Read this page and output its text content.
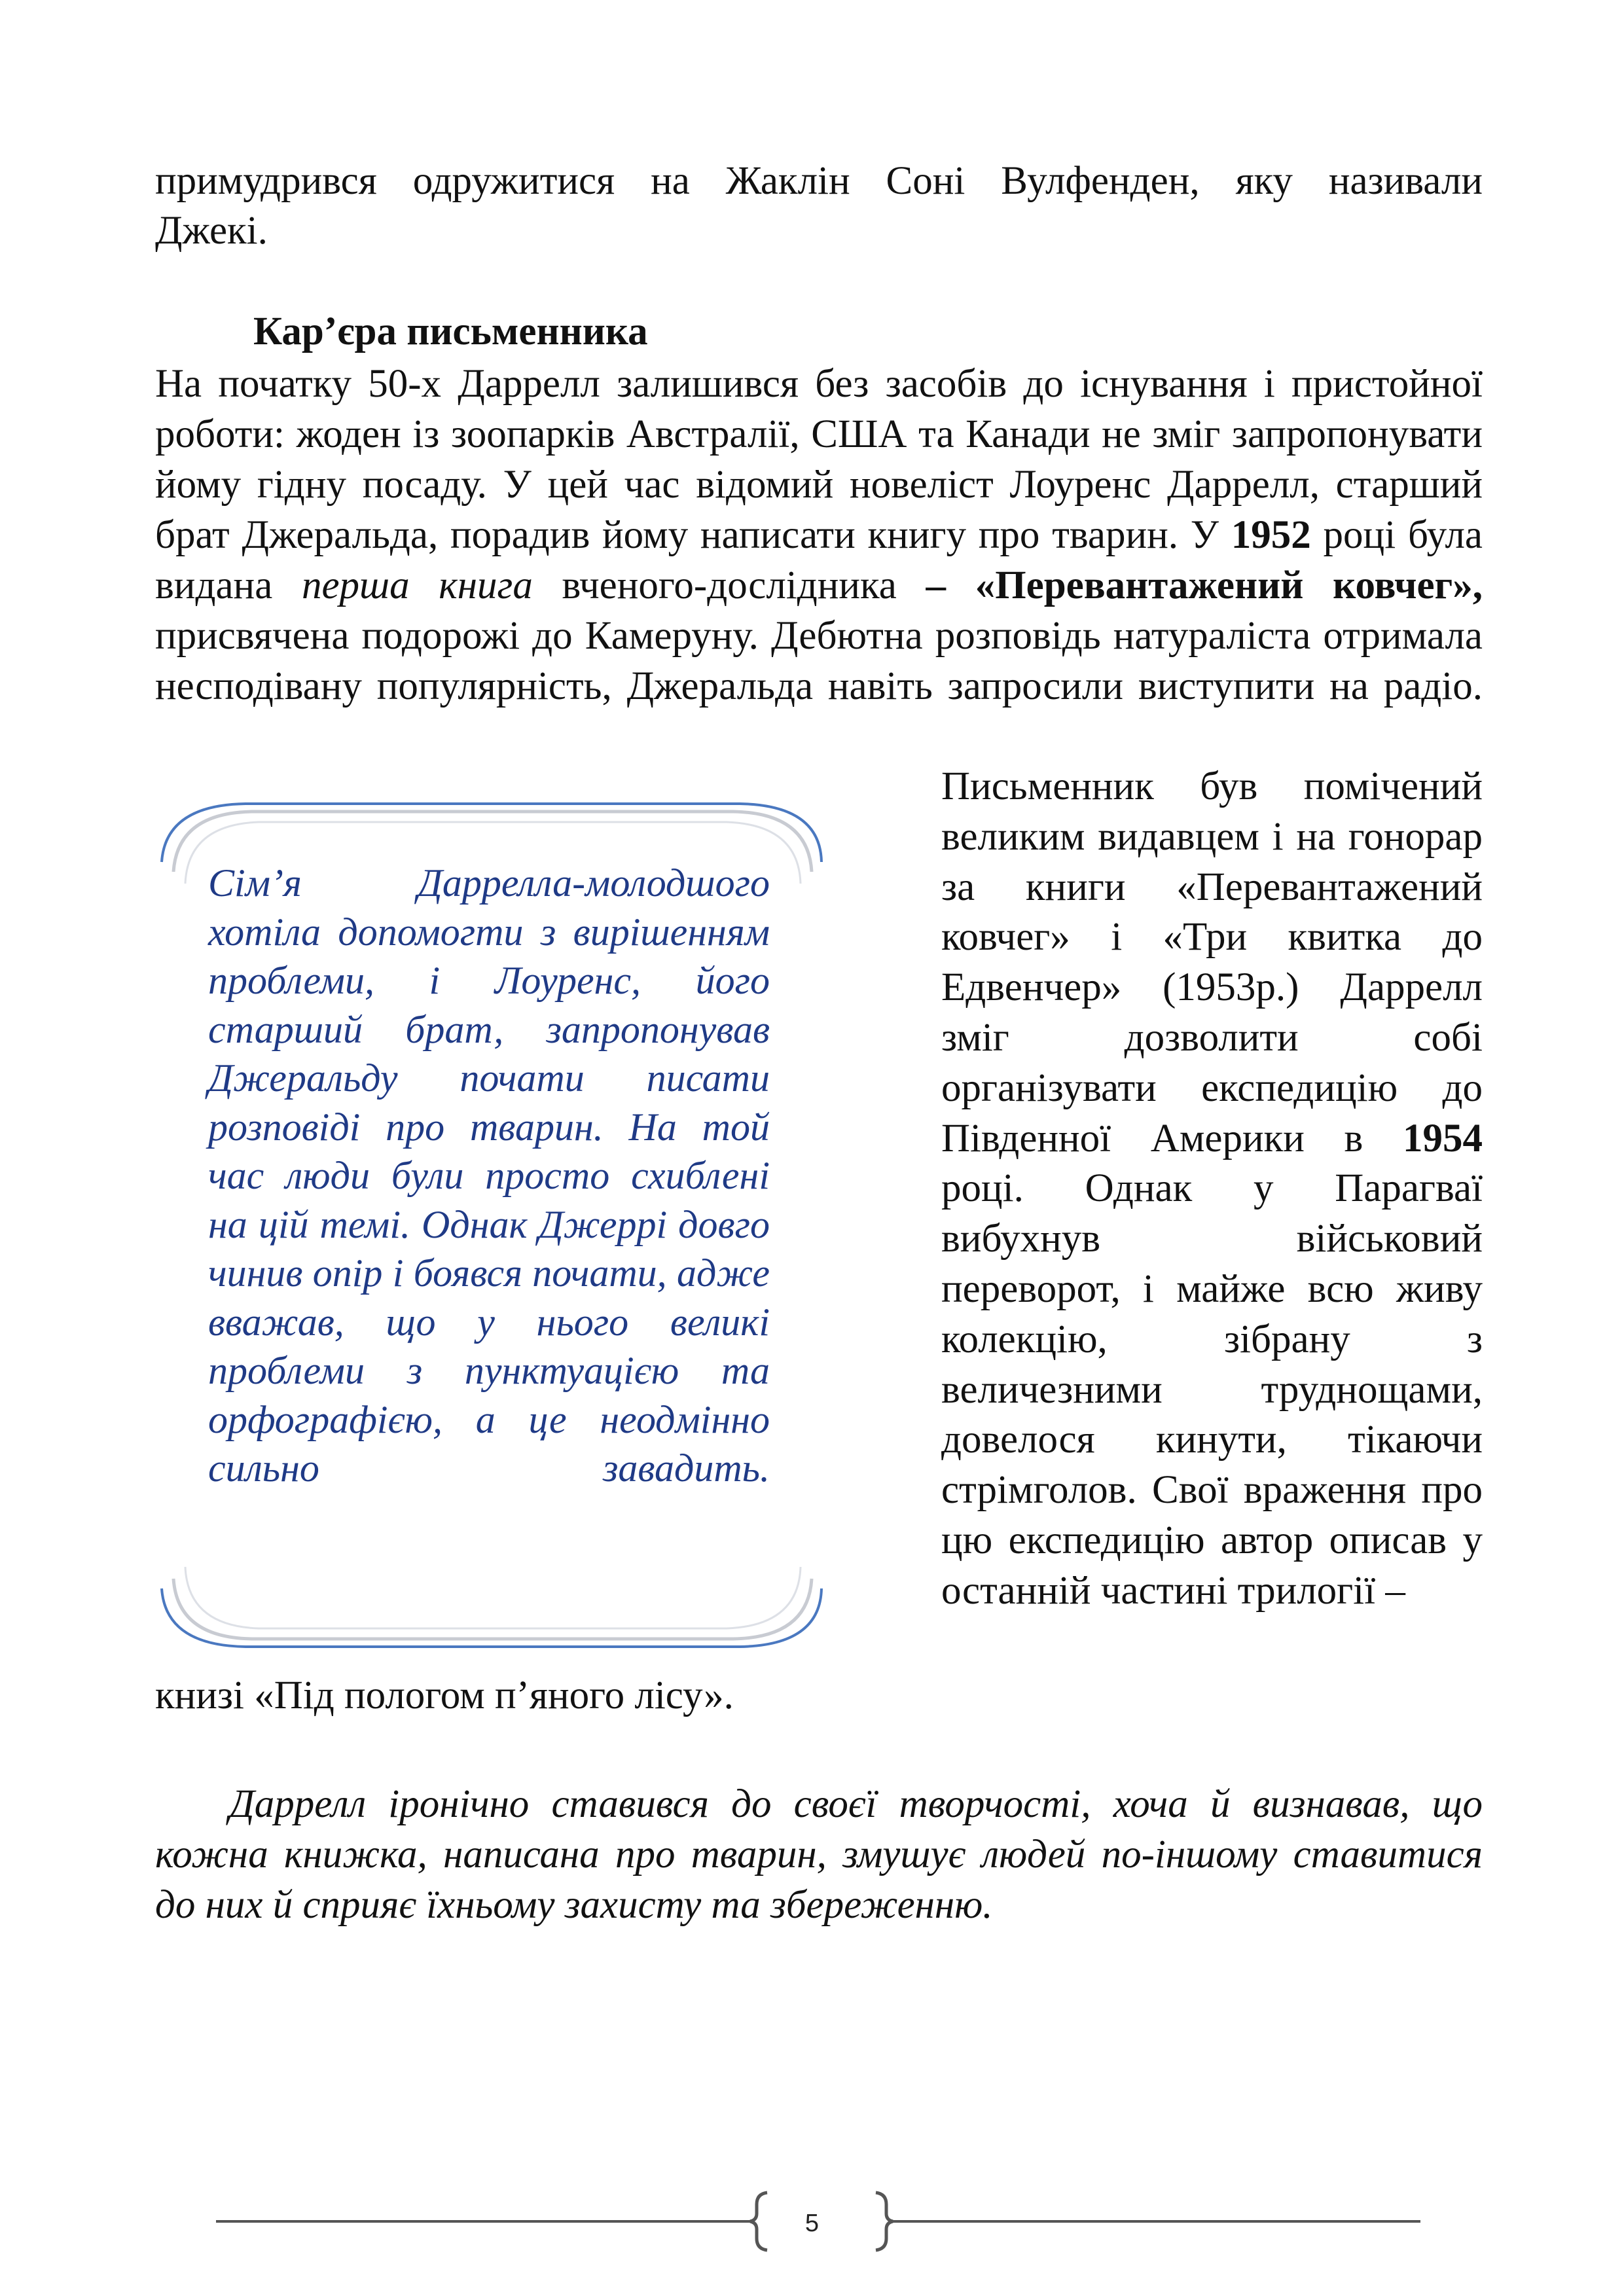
примудрився одружитися на Жаклін Соні Вулфенден, яку називали
Джекі.
Кар’єра письменника
На початку 50-х Даррелл залишився без засобів до існування і пристойної роботи: жоден із зоопарків Австралії, США та Канади не зміг запропонувати йому гідну посаду. У цей час відомий новеліст Лоуренс Даррелл, старший брат Джеральда, порадив йому написати книгу про тварин. У 1952 році була видана перша книга вченого-дослідника – «Перевантажений ковчег», присвячена подорожі до Камеруну. Дебютна розповідь натураліста отримала несподівану популярність, Джеральда навіть запросили виступити на радіо.
Сім’я Даррелла-молодшого хотіла допомогти з вирішенням проблеми, і Лоуренс, його старший брат, запропонував Джеральду почати писати розповіді про тварин. На той час люди були просто схиблені на цій темі. Однак Джеррі довго чинив опір і боявся почати, адже вважав, що у нього великі проблеми з пунктуацією та орфографією, а це неодмінно сильно завадить.
Письменник був помічений великим видавцем і на гонорар за книги «Перевантажений ковчег» і «Три квитка до Едвенчер» (1953р.) Даррелл зміг дозволити собі організувати експедицію до Південної Америки в 1954 році. Однак у Парагваї вибухнув військовий переворот, і майже всю живу колекцію, зібрану з величезними труднощами, довелося кинути, тікаючи стрімголов. Свої враження про цю експедицію автор описав у останній частині трилогії –
книзі «Під пологом п’яного лісу».
Даррелл іронічно ставився до своєї творчості, хоча й визнавав, що кожна книжка, написана про тварин, змушує людей по-іншому ставитися до них й сприяє їхньому захисту та збереженню.
5
